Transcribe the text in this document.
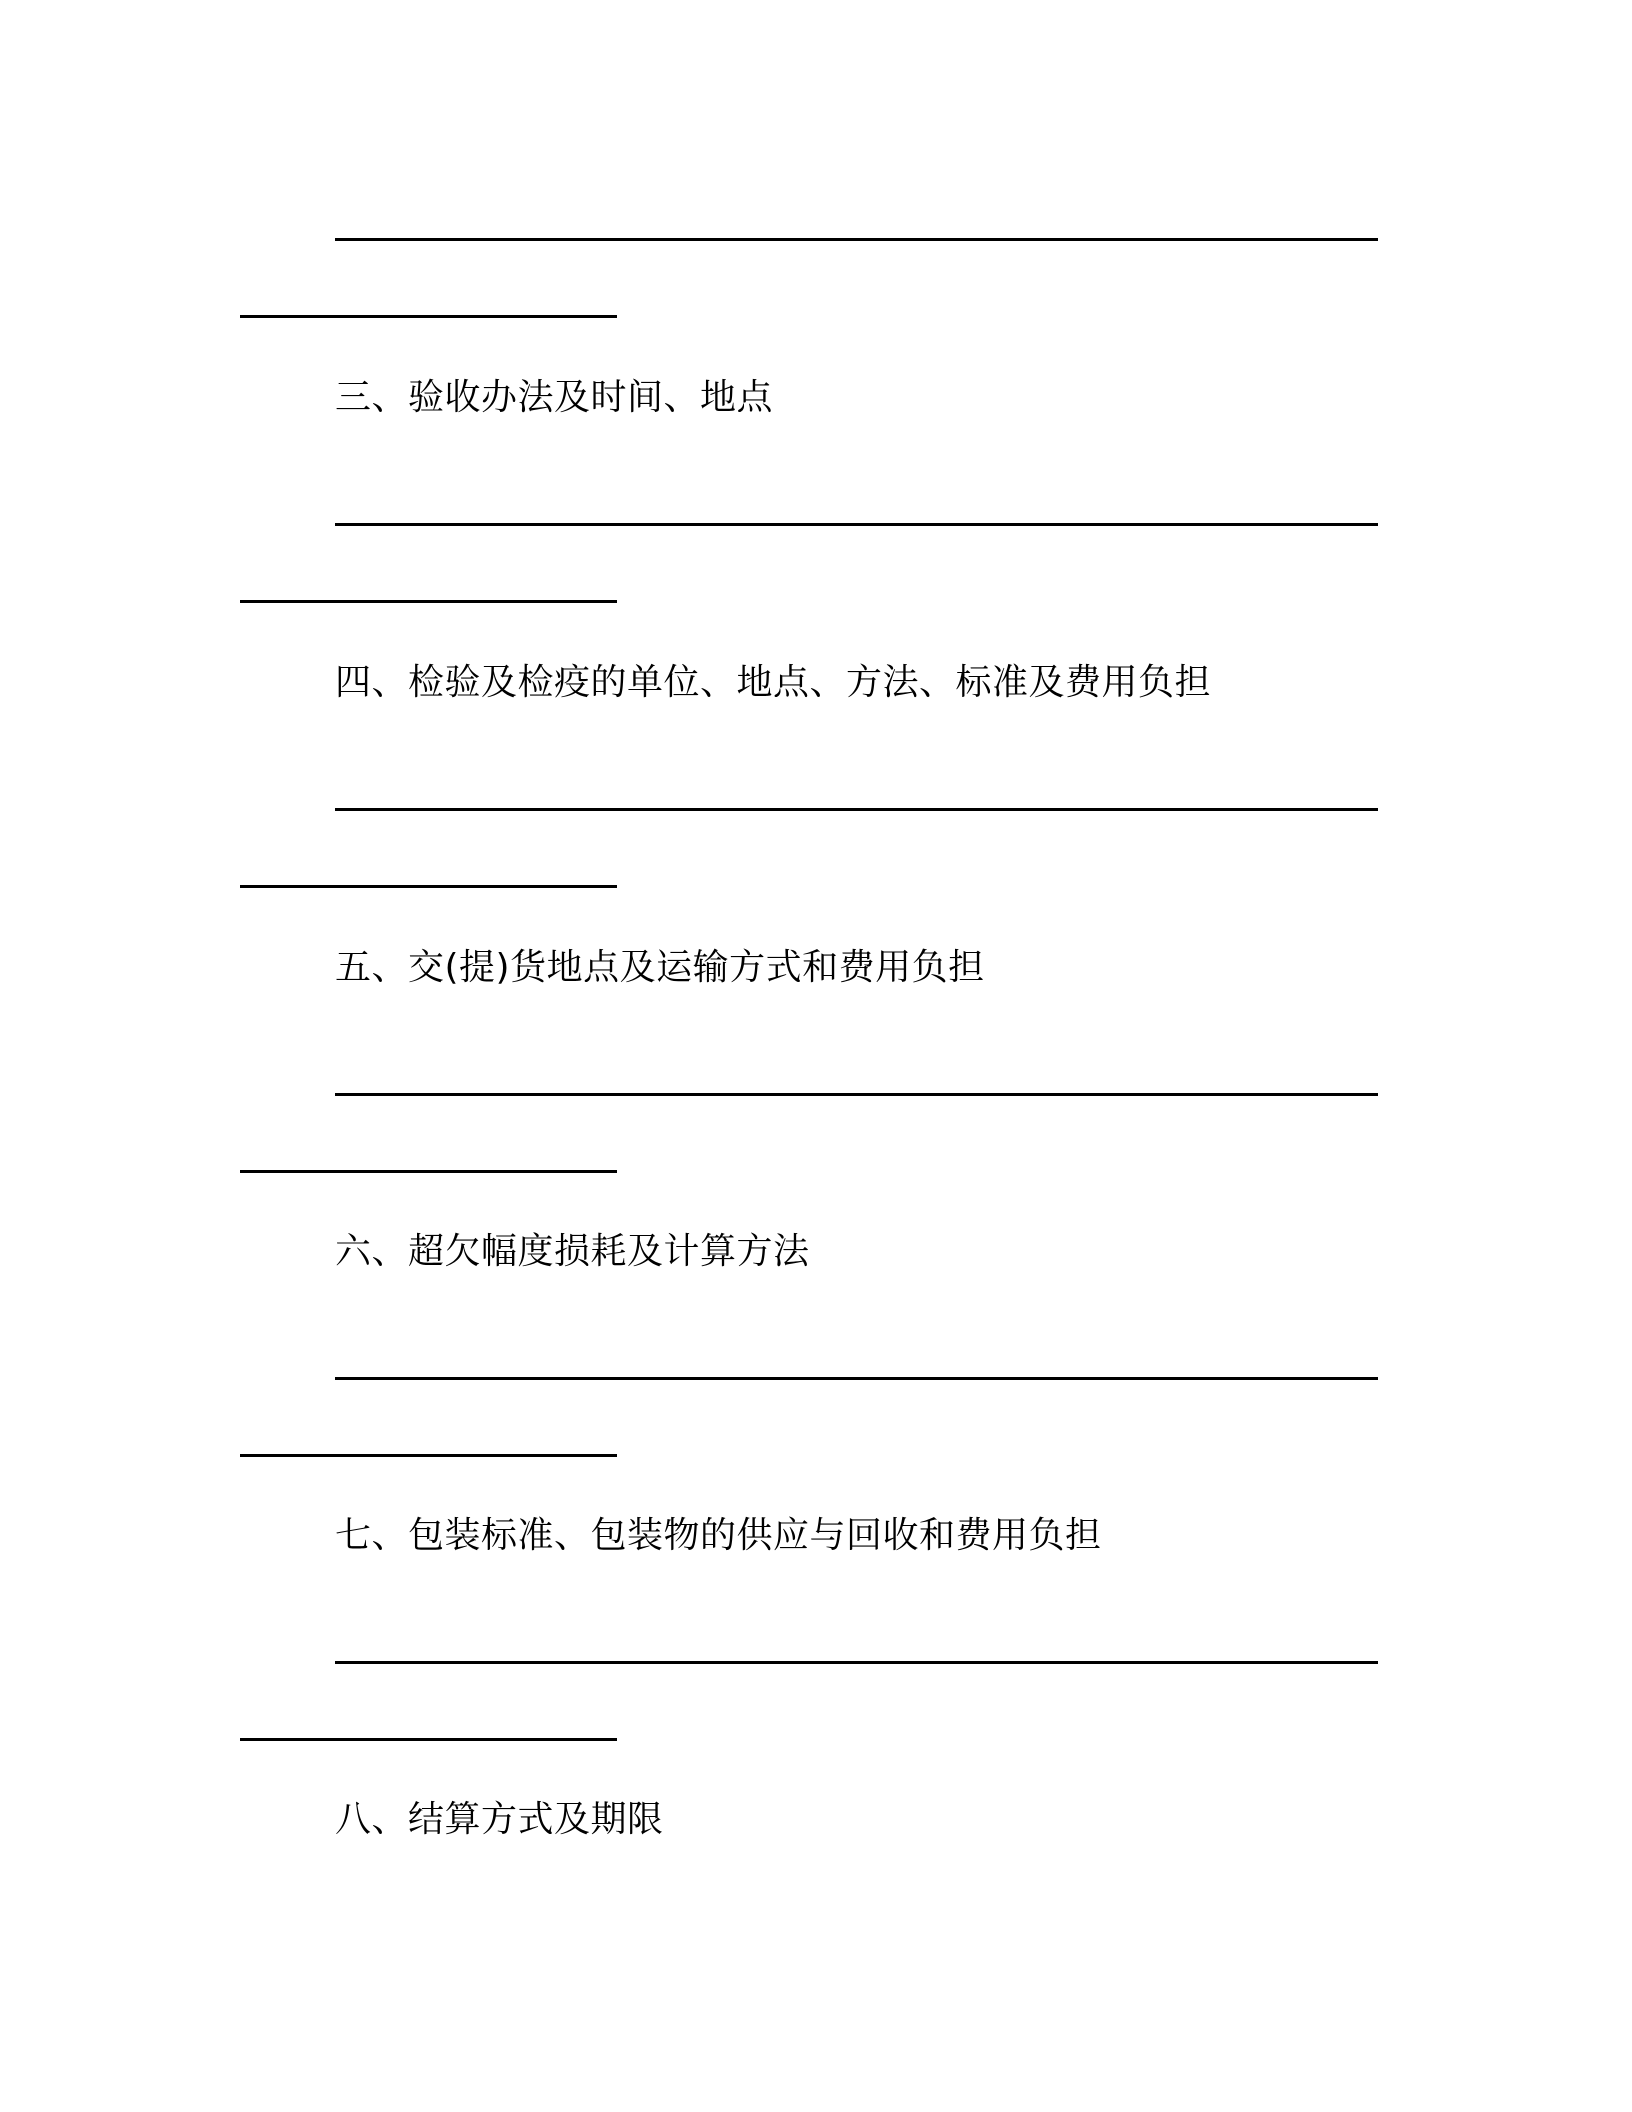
三、验收办法及时间、地点
四、检验及检疫的单位、地点、方法、标准及费用负担
五、交(提)货地点及运输方式和费用负担
六、超欠幅度损耗及计算方法
七、包装标准、包装物的供应与回收和费用负担
八、结算方式及期限
